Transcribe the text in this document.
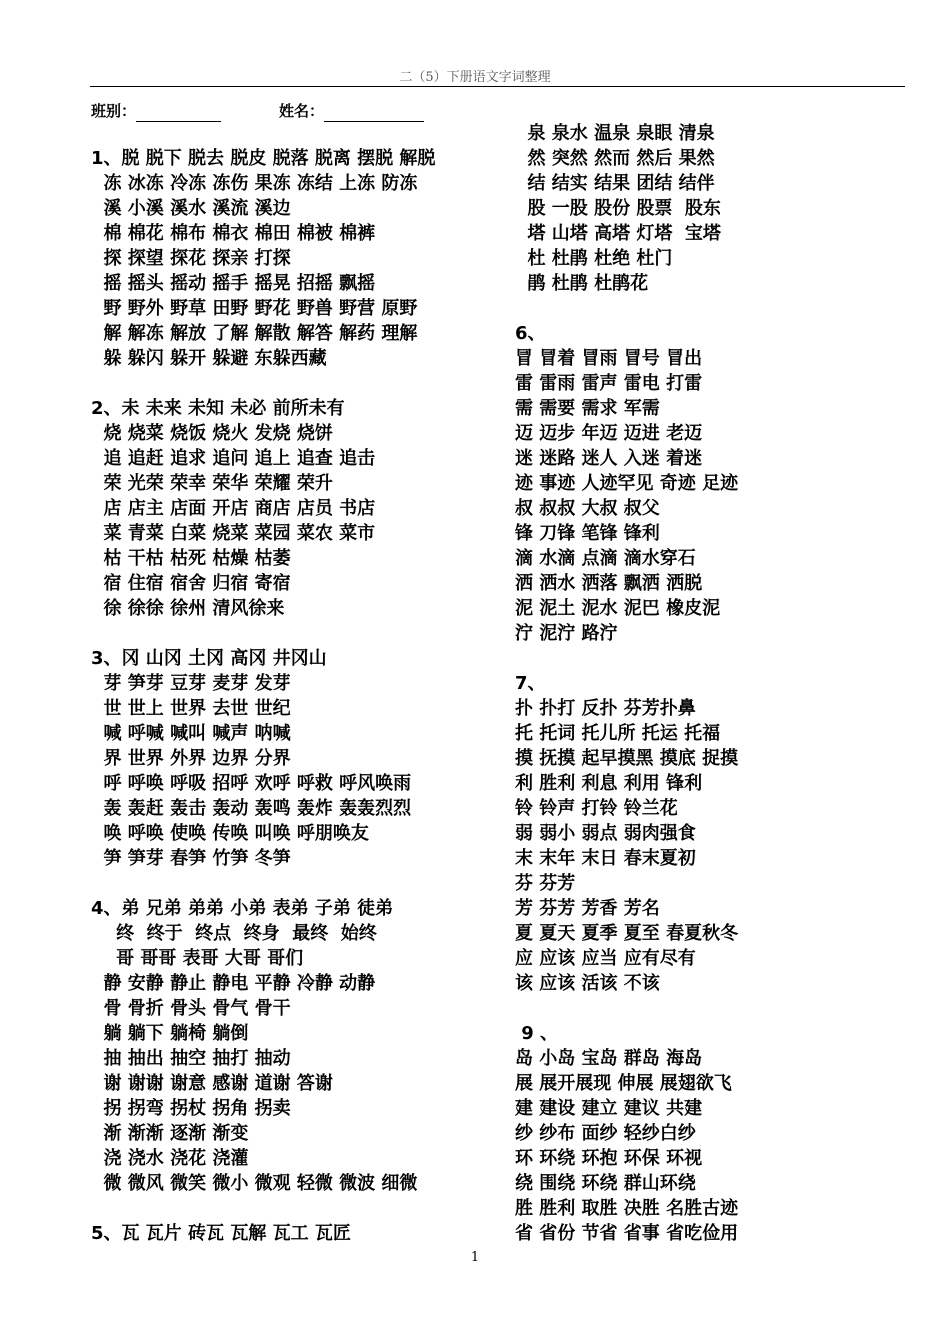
二（5）下册语文字词整理
班别：	姓名：
1、脱 脱下 脱去 脱皮 脱落 脱离 摆脱 解脱
冻 冰冻 冷冻 冻伤 果冻 冻结 上冻 防冻
溪 小溪 溪水 溪流 溪边
棉 棉花 棉布 棉衣 棉田 棉被 棉裤
探 探望 探花 探亲 打探
摇 摇头 摇动 摇手 摇晃 招摇 飘摇
野 野外 野草 田野 野花 野兽 野营 原野
解 解冻 解放 了解 解散 解答 解药 理解
躲 躲闪 躲开 躲避 东躲西藏
2、未 未来 未知 未必 前所未有
烧 烧菜 烧饭 烧火 发烧 烧饼
追 追赶 追求 追问 追上 追查 追击
荣 光荣 荣幸 荣华 荣耀 荣升
店 店主 店面 开店 商店 店员 书店
菜 青菜 白菜 烧菜 菜园 菜农 菜市
枯 干枯 枯死 枯燥 枯萎
宿 住宿 宿舍 归宿 寄宿
徐 徐徐 徐州 清风徐来
3、冈 山冈 土冈 高冈 井冈山
芽 笋芽 豆芽 麦芽 发芽
世 世上 世界 去世 世纪
喊 呼喊 喊叫 喊声 呐喊
界 世界 外界 边界 分界
呼 呼唤 呼吸 招呼 欢呼 呼救 呼风唤雨
轰 轰赶 轰击 轰动 轰鸣 轰炸 轰轰烈烈
唤 呼唤 使唤 传唤 叫唤 呼朋唤友
笋 笋芽 春笋 竹笋 冬笋
4、弟 兄弟 弟弟 小弟 表弟 子弟 徒弟
终  终于  终点  终身  最终  始终
哥 哥哥 表哥 大哥 哥们
静 安静 静止 静电 平静 冷静 动静
骨 骨折 骨头 骨气 骨干
躺 躺下 躺椅 躺倒
抽 抽出 抽空 抽打 抽动
谢 谢谢 谢意 感谢 道谢 答谢
拐 拐弯 拐杖 拐角 拐卖
渐 渐渐 逐渐 渐变
浇 浇水 浇花 浇灌
微 微风 微笑 微小 微观 轻微 微波 细微
5、瓦 瓦片 砖瓦 瓦解 瓦工 瓦匠
泉 泉水 温泉 泉眼 清泉
然 突然 然而 然后 果然
结 结实 结果 团结 结伴
股 一股 股份 股票  股东
塔 山塔 高塔 灯塔  宝塔
杜 杜鹃 杜绝 杜门
鹃 杜鹃 杜鹃花
6、
冒 冒着 冒雨 冒号 冒出
雷 雷雨 雷声 雷电 打雷
需 需要 需求 军需
迈 迈步 年迈 迈进 老迈
迷 迷路 迷人 入迷 着迷
迹 事迹 人迹罕见 奇迹 足迹
叔 叔叔 大叔 叔父
锋 刀锋 笔锋 锋利
滴 水滴 点滴 滴水穿石
洒 洒水 洒落 飘洒 洒脱
泥 泥土 泥水 泥巴 橡皮泥
泞 泥泞 路泞
7、
扑 扑打 反扑 芬芳扑鼻
托 托词 托儿所 托运 托福
摸 抚摸 起早摸黑 摸底 捉摸
利 胜利 利息 利用 锋利
铃 铃声 打铃 铃兰花
弱 弱小 弱点 弱肉强食
末 末年 末日 春末夏初
芬 芬芳
芳 芬芳 芳香 芳名
夏 夏天 夏季 夏至 春夏秋冬
应 应该 应当 应有尽有
该 应该 活该 不该
9 、
岛 小岛 宝岛 群岛 海岛
展 展开展现 伸展 展翅欲飞
建 建设 建立 建议 共建
纱 纱布 面纱 轻纱白纱
环 环绕 环抱 环保 环视
绕 围绕 环绕 群山环绕
胜 胜利 取胜 决胜 名胜古迹
省 省份 节省 省事 省吃俭用
1
